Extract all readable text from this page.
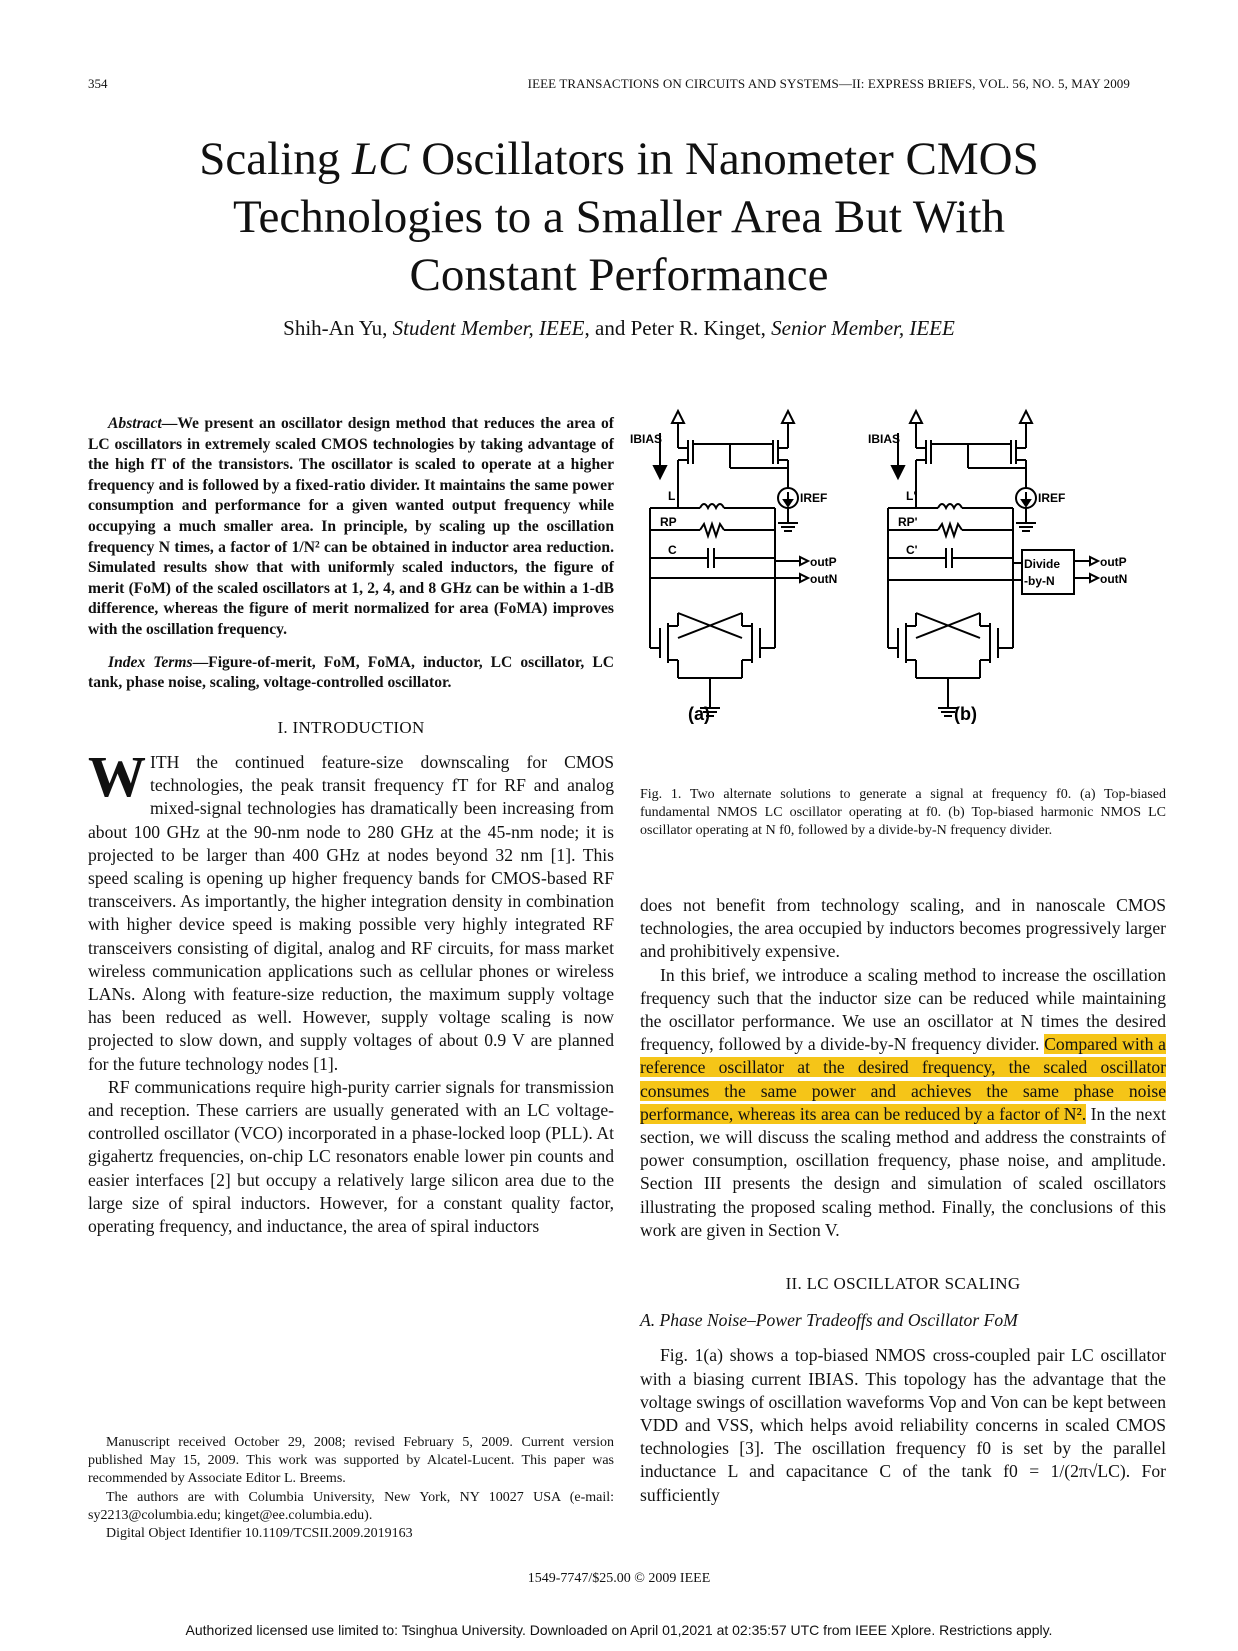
354	IEEE TRANSACTIONS ON CIRCUITS AND SYSTEMS—II: EXPRESS BRIEFS, VOL. 56, NO. 5, MAY 2009
Scaling LC Oscillators in Nanometer CMOS
Technologies to a Smaller Area But With
Constant Performance
Shih-An Yu, Student Member, IEEE, and Peter R. Kinget, Senior Member, IEEE

Abstract—We present an oscillator design method that reduces the area of LC oscillators in extremely scaled CMOS technologies by taking advantage of the high fT of the transistors. The oscillator is scaled to operate at a higher frequency and is followed by a fixed-ratio divider. It maintains the same power consumption and performance for a given wanted output frequency while occupying a much smaller area. In principle, by scaling up the oscillation frequency N times, a factor of 1/N² can be obtained in inductor area reduction. Simulated results show that with uniformly scaled inductors, the figure of merit (FoM) of the scaled oscillators at 1, 2, 4, and 8 GHz can be within a 1-dB difference, whereas the figure of merit normalized for area (FoMA) improves with the oscillation frequency.

Index Terms—Figure-of-merit, FoM, FoMA, inductor, LC oscillator, LC tank, phase noise, scaling, voltage-controlled oscillator.

I. INTRODUCTION

WITH the continued feature-size downscaling for CMOS technologies, the peak transit frequency fT for RF and analog mixed-signal technologies has dramatically been increasing from about 100 GHz at the 90-nm node to 280 GHz at the 45-nm node; it is projected to be larger than 400 GHz at nodes beyond 32 nm [1]. This speed scaling is opening up higher frequency bands for CMOS-based RF transceivers. As importantly, the higher integration density in combination with higher device speed is making possible very highly integrated RF transceivers consisting of digital, analog and RF circuits, for mass market wireless communication applications such as cellular phones or wireless LANs. Along with feature-size reduction, the maximum supply voltage has been reduced as well. However, supply voltage scaling is now projected to slow down, and supply voltages of about 0.9 V are planned for the future technology nodes [1].

RF communications require high-purity carrier signals for transmission and reception. These carriers are usually generated with an LC voltage-controlled oscillator (VCO) incorporated in a phase-locked loop (PLL). At gigahertz frequencies, on-chip LC resonators enable lower pin counts and easier interfaces [2] but occupy a relatively large silicon area due to the large size of spiral inductors. However, for a constant quality factor, operating frequency, and inductance, the area of spiral inductors

Manuscript received October 29, 2008; revised February 5, 2009. Current version published May 15, 2009. This work was supported by Alcatel-Lucent. This paper was recommended by Associate Editor L. Breems.

The authors are with Columbia University, New York, NY 10027 USA (e-mail: sy2213@columbia.edu; kinget@ee.columbia.edu).

Digital Object Identifier 10.1109/TCSII.2009.2019163

IBIAS
IREF
L
RP
C
outP
outN
IBIAS
IREF
L'
RP'
C'
Divide
-by-N
outP
outN
(a)	(b)
Fig. 1. Two alternate solutions to generate a signal at frequency f0. (a) Top-biased fundamental NMOS LC oscillator operating at f0. (b) Top-biased harmonic NMOS LC oscillator operating at N f0, followed by a divide-by-N frequency divider.

does not benefit from technology scaling, and in nanoscale CMOS technologies, the area occupied by inductors becomes progressively larger and prohibitively expensive.

In this brief, we introduce a scaling method to increase the oscillation frequency such that the inductor size can be reduced while maintaining the oscillator performance. We use an oscillator at N times the desired frequency, followed by a divide-by-N frequency divider. Compared with a reference oscillator at the desired frequency, the scaled oscillator consumes the same power and achieves the same phase noise performance, whereas its area can be reduced by a factor of N². In the next section, we will discuss the scaling method and address the constraints of power consumption, oscillation frequency, phase noise, and amplitude. Section III presents the design and simulation of scaled oscillators illustrating the proposed scaling method. Finally, the conclusions of this work are given in Section V.

II. LC OSCILLATOR SCALING

A. Phase Noise–Power Tradeoffs and Oscillator FoM

Fig. 1(a) shows a top-biased NMOS cross-coupled pair LC oscillator with a biasing current IBIAS. This topology has the advantage that the voltage swings of oscillation waveforms Vop and Von can be kept between VDD and VSS, which helps avoid reliability concerns in scaled CMOS technologies [3]. The oscillation frequency f0 is set by the parallel inductance L and capacitance C of the tank f0 = 1/(2π√LC). For sufficiently

1549-7747/$25.00 © 2009 IEEE
Authorized licensed use limited to: Tsinghua University. Downloaded on April 01,2021 at 02:35:57 UTC from IEEE Xplore. Restrictions apply.
